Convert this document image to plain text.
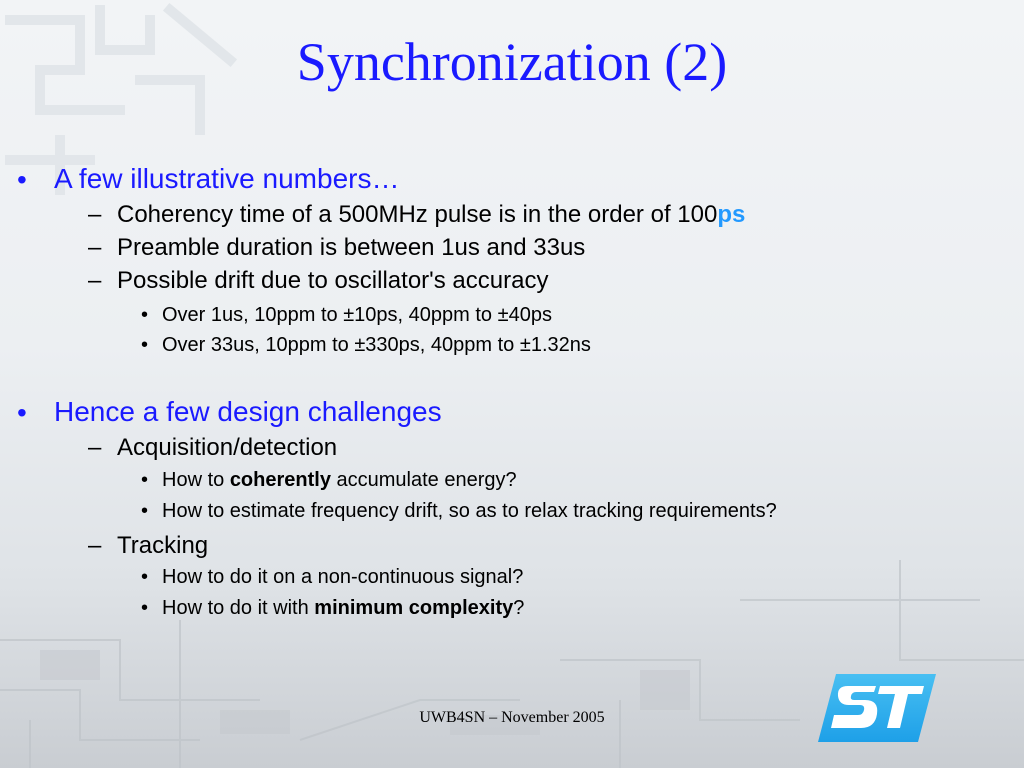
Synchronization (2)
• A few illustrative numbers…
– Coherency time of a 500MHz pulse is in the order of 100ps
– Preamble duration is between 1us and 33us
– Possible drift due to oscillator's accuracy
• Over 1us, 10ppm to ±10ps, 40ppm to ±40ps
• Over 33us, 10ppm to ±330ps, 40ppm to ±1.32ns
• Hence a few design challenges
– Acquisition/detection
• How to coherently accumulate energy?
• How to estimate frequency drift, so as to relax tracking requirements?
– Tracking
• How to do it on a non-continuous signal?
• How to do it with minimum complexity?
UWB4SN – November 2005
